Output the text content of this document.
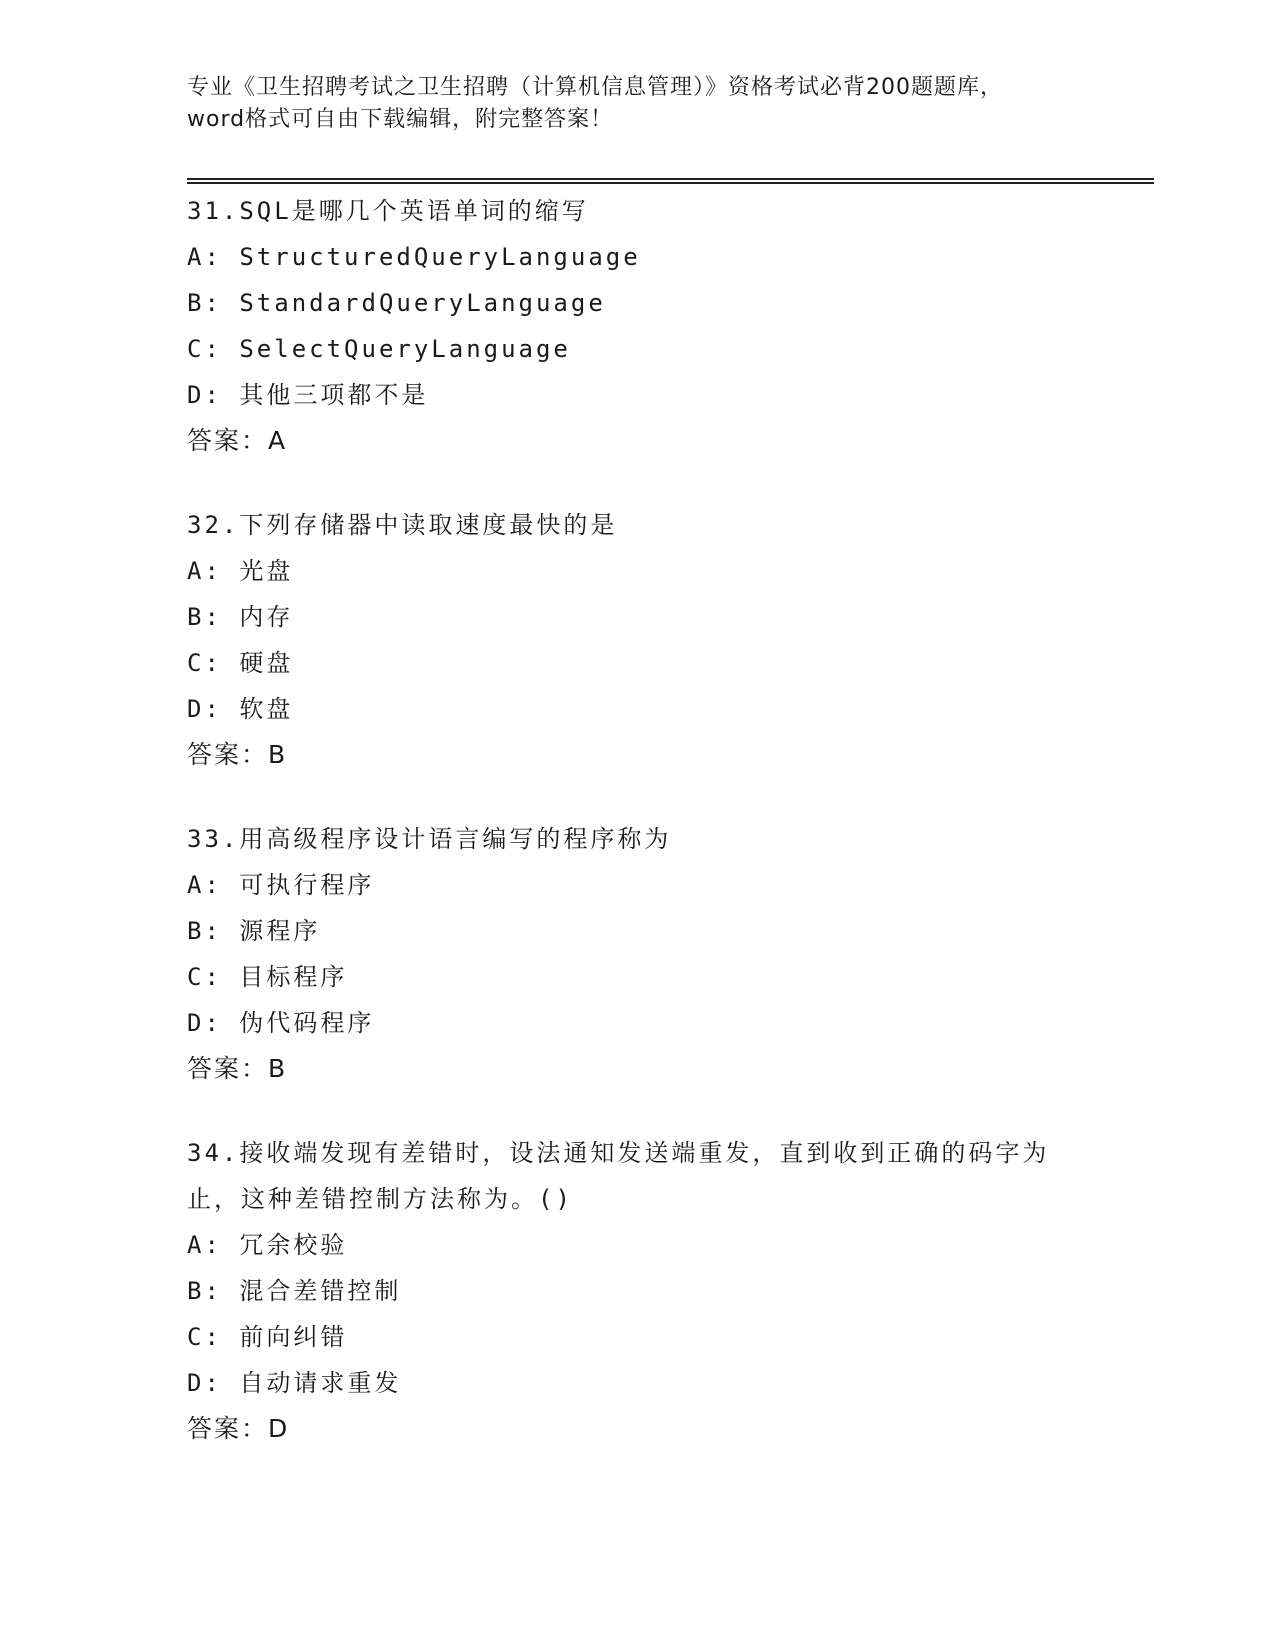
专业《卫生招聘考试之卫生招聘（计算机信息管理）》资格考试必背200题题库，

word格式可自由下载编辑，附完整答案！

31.SQL是哪几个英语单词的缩写

A: StructuredQueryLanguage

B: StandardQueryLanguage

C: SelectQueryLanguage

D: 其他三项都不是

答案：A

32.下列存储器中读取速度最快的是

A: 光盘

B: 内存

C: 硬盘

D: 软盘

答案：B

33.用高级程序设计语言编写的程序称为

A: 可执行程序

B: 源程序

C: 目标程序

D: 伪代码程序

答案：B

34.接收端发现有差错时，设法通知发送端重发，直到收到正确的码字为止，这种差错控制方法称为。()

A: 冗余校验

B: 混合差错控制

C: 前向纠错

D: 自动请求重发

答案：D
